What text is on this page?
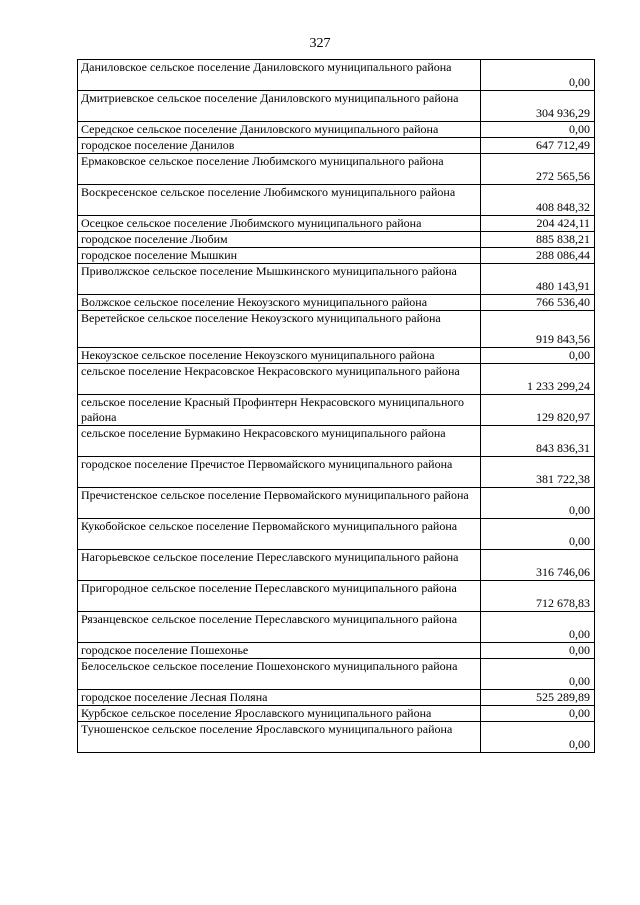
327
Даниловское сельское поселение Даниловского муниципального района	0,00
Дмитриевское сельское поселение Даниловского муниципального района	304 936,29
Середское сельское поселение Даниловского муниципального района	0,00
городское поселение Данилов	647 712,49
Ермаковское сельское поселение Любимского муниципального района	272 565,56
Воскресенское сельское поселение Любимского муниципального района	408 848,32
Осецкое сельское поселение Любимского муниципального района	204 424,11
городское поселение Любим	885 838,21
городское поселение Мышкин	288 086,44
Приволжское сельское поселение Мышкинского муниципального района	480 143,91
Волжское сельское поселение Некоузского муниципального района	766 536,40
Веретейское сельское поселение Некоузского муниципального района	919 843,56
Некоузское сельское поселение Некоузского муниципального района	0,00
сельское поселение Некрасовское Некрасовского муниципального района	1 233 299,24
сельское поселение Красный Профинтерн Некрасовского муниципального района	129 820,97
сельское поселение Бурмакино Некрасовского муниципального района	843 836,31
городское поселение Пречистое Первомайского муниципального района	381 722,38
Пречистенское сельское поселение Первомайского муниципального района	0,00
Кукобойское сельское поселение Первомайского муниципального района	0,00
Нагорьевское сельское поселение Переславского муниципального района	316 746,06
Пригородное сельское поселение Переславского муниципального района	712 678,83
Рязанцевское сельское поселение Переславского муниципального района	0,00
городское поселение Пошехонье	0,00
Белосельское сельское поселение Пошехонского муниципального района	0,00
городское поселение Лесная Поляна	525 289,89
Курбское сельское поселение Ярославского муниципального района	0,00
Туношенское сельское поселение Ярославского муниципального района	0,00
